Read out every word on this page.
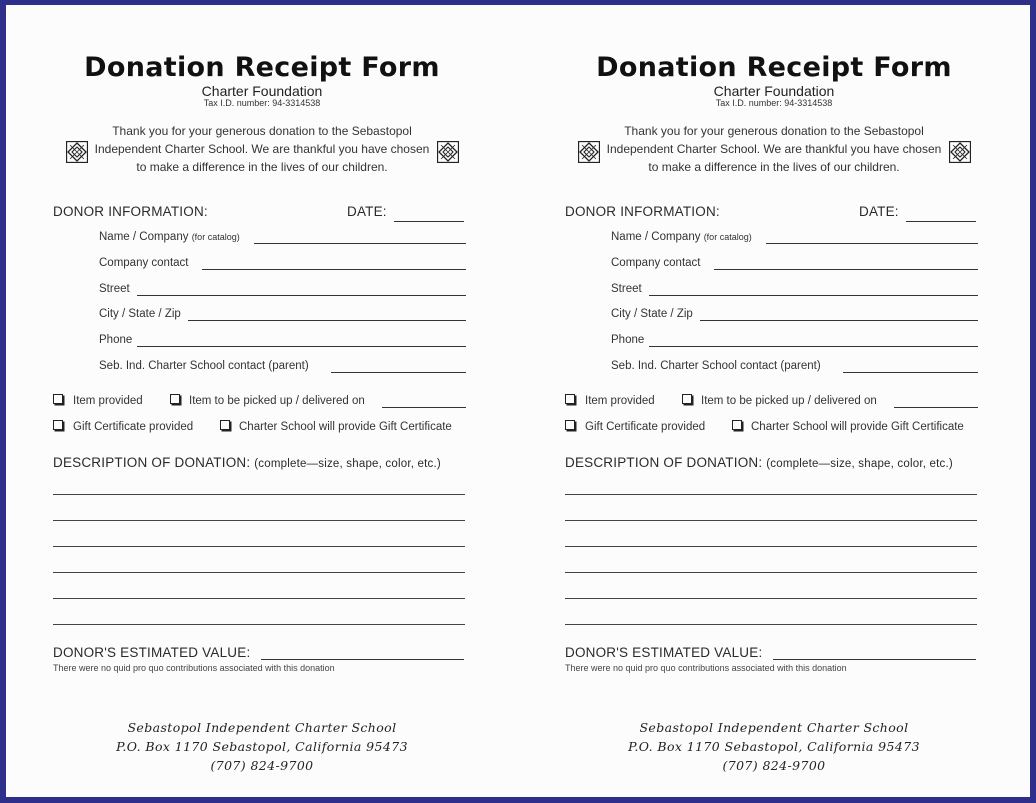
Donation Receipt Form
Charter Foundation
Tax I.D. number: 94-3314538
Thank you for your generous donation to the Sebastopol Independent Charter School. We are thankful you have chosen to make a difference in the lives of our children.
DONOR INFORMATION:	DATE:
Name / Company (for catalog)
Company contact
Street
City / State / Zip
Phone
Seb. Ind. Charter School contact (parent)
Item provided	Item to be picked up / delivered on
Gift Certificate provided	Charter School will provide Gift Certificate
DESCRIPTION OF DONATION: (complete—size, shape, color, etc.)
DONOR'S ESTIMATED VALUE:
There were no quid pro quo contributions associated with this donation
Sebastopol Independent Charter School
P.O. Box 1170 Sebastopol, California 95473
(707) 824-9700
Donation Receipt Form
Charter Foundation
Tax I.D. number: 94-3314538
Thank you for your generous donation to the Sebastopol Independent Charter School. We are thankful you have chosen to make a difference in the lives of our children.
DONOR INFORMATION:	DATE:
Name / Company (for catalog)
Company contact
Street
City / State / Zip
Phone
Seb. Ind. Charter School contact (parent)
Item provided	Item to be picked up / delivered on
Gift Certificate provided	Charter School will provide Gift Certificate
DESCRIPTION OF DONATION: (complete—size, shape, color, etc.)
DONOR'S ESTIMATED VALUE:
There were no quid pro quo contributions associated with this donation
Sebastopol Independent Charter School
P.O. Box 1170 Sebastopol, California 95473
(707) 824-9700
